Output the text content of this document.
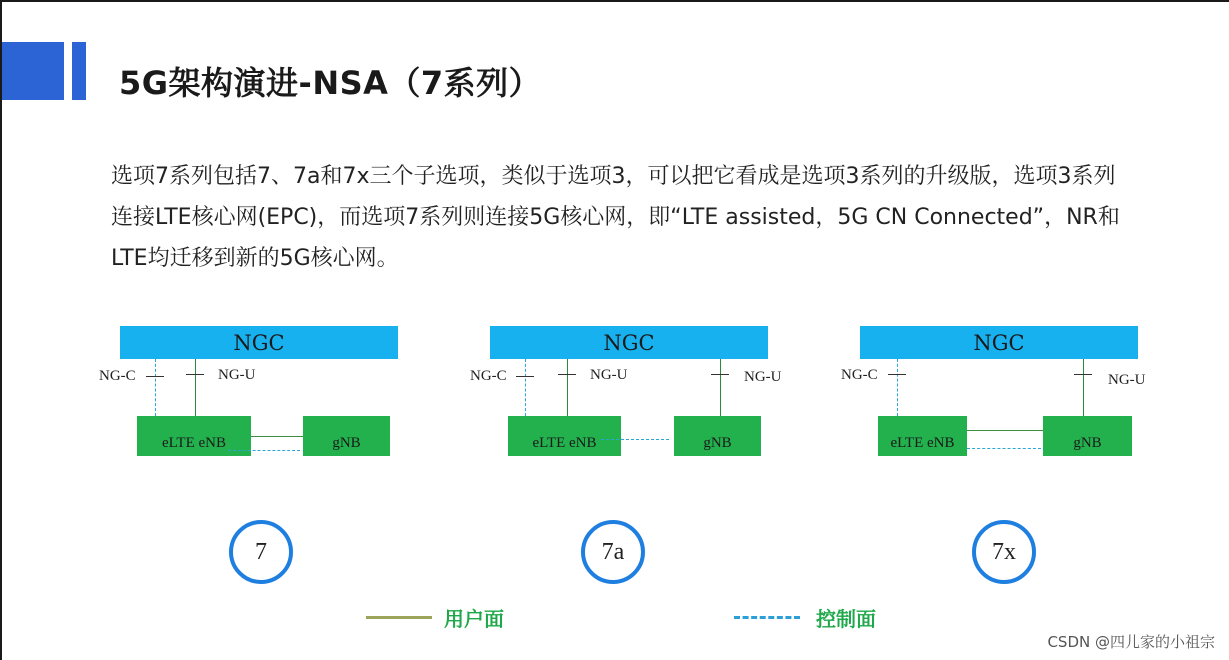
5G架构演进-NSA（7系列）
选项7系列包括7、7a和7x三个子选项，类似于选项3，可以把它看成是选项3系列的升级版，选项3系列连接LTE核心网(EPC)，而选项7系列则连接5G核心网，即“LTE assisted，5G CN Connected”，NR和LTE均迁移到新的5G核心网。
NGC
NG-C	NG-U
eLTE eNB	gNB
NGC
NG-C	NG-U	NG-U
eLTE eNB	gNB
NGC
NG-C	NG-U
eLTE eNB	gNB
7	7a	7x
用户面	控制面
CSDN @四儿家的小祖宗
